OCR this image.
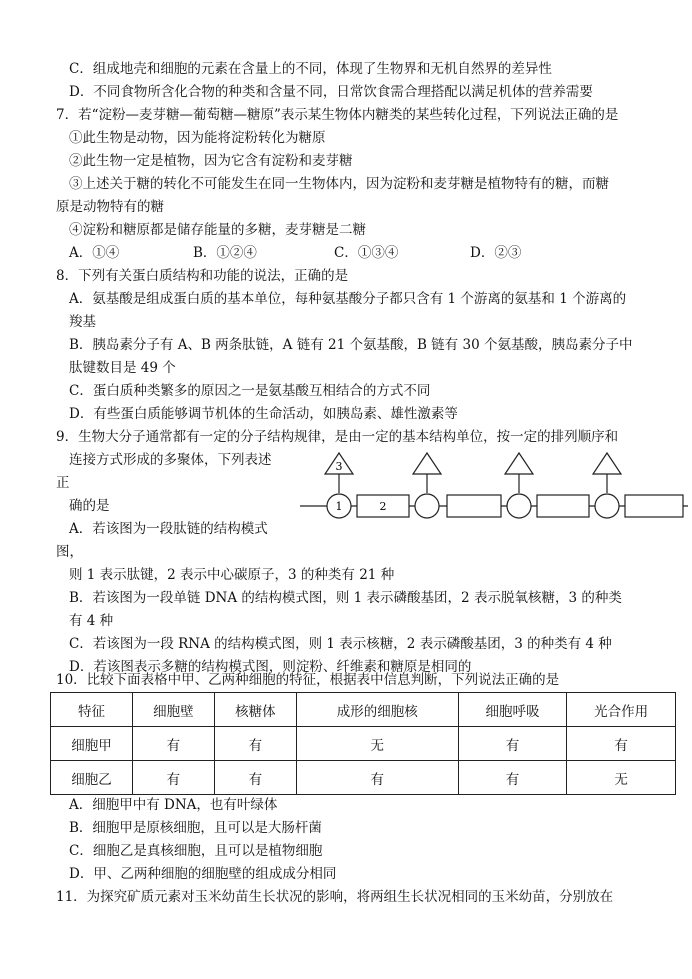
C．组成地壳和细胞的元素在含量上的不同，体现了生物界和无机自然界的差异性
D．不同食物所含化合物的种类和含量不同，日常饮食需合理搭配以满足机体的营养需要
7．若“淀粉—麦芽糖—葡萄糖—糖原”表示某生物体内糖类的某些转化过程，下列说法正确的是
①此生物是动物，因为能将淀粉转化为糖原
②此生物一定是植物，因为它含有淀粉和麦芽糖
③上述关于糖的转化不可能发生在同一生物体内，因为淀粉和麦芽糖是植物特有的糖，而糖
原是动物特有的糖
④淀粉和糖原都是储存能量的多糖，麦芽糖是二糖
A．①④	B．①②④	C．①③④	D．②③
8．下列有关蛋白质结构和功能的说法，正确的是
A．氨基酸是组成蛋白质的基本单位，每种氨基酸分子都只含有 1 个游离的氨基和 1 个游离的
羧基
B．胰岛素分子有 A、B 两条肽链，A 链有 21 个氨基酸，B 链有 30 个氨基酸，胰岛素分子中
肽键数目是 49 个
C．蛋白质种类繁多的原因之一是氨基酸互相结合的方式不同
D．有些蛋白质能够调节机体的生命活动，如胰岛素、雄性激素等
9．生物大分子通常都有一定的分子结构规律，是由一定的基本结构单位，按一定的排列顺序和
连接方式形成的多聚体，下列表述
正
确的是
A．若该图为一段肽链的结构模式
图，
则 1 表示肽键，2 表示中心碳原子，3 的种类有 21 种
B．若该图为一段单链 DNA 的结构模式图，则 1 表示磷酸基团，2 表示脱氧核糖，3 的种类
有 4 种
C．若该图为一段 RNA 的结构模式图，则 1 表示核糖，2 表示磷酸基团，3 的种类有 4 种
D．若该图表示多糖的结构模式图，则淀粉、纤维素和糖原是相同的
10．比较下面表格中甲、乙两种细胞的特征，根据表中信息判断，下列说法正确的是
3
1	2
特征	细胞壁	核糖体	成形的细胞核	细胞呼吸	光合作用
细胞甲	有	有	无	有	有
细胞乙	有	有	有	有	无
A．细胞甲中有 DNA，也有叶绿体
B．细胞甲是原核细胞，且可以是大肠杆菌
C．细胞乙是真核细胞，且可以是植物细胞
D．甲、乙两种细胞的细胞壁的组成成分相同
11．为探究矿质元素对玉米幼苗生长状况的影响，将两组生长状况相同的玉米幼苗，分别放在
